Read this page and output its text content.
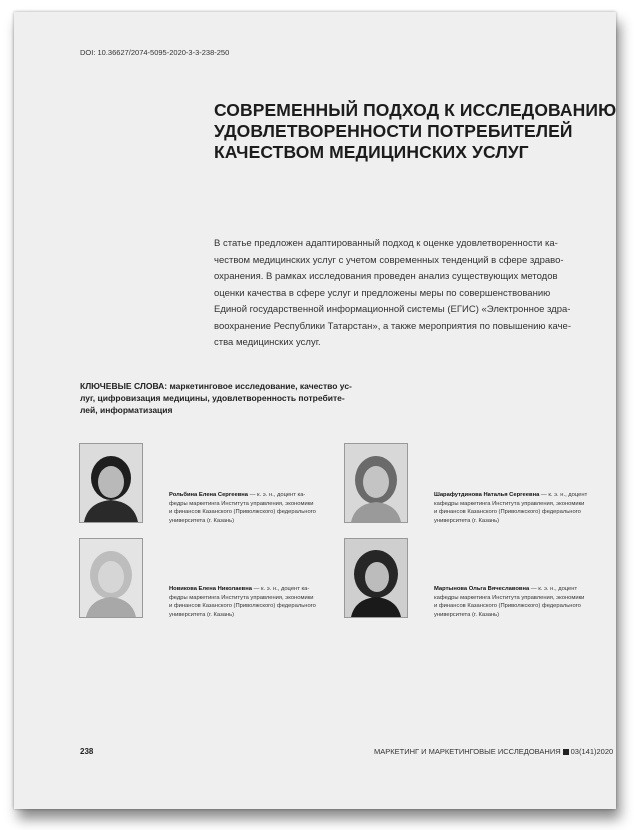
DOI: 10.36627/2074-5095-2020-3-3-238-250
СОВРЕМЕННЫЙ ПОДХОД К ИССЛЕДОВАНИЮ
УДОВЛЕТВОРЕННОСТИ ПОТРЕБИТЕЛЕЙ
КАЧЕСТВОМ МЕДИЦИНСКИХ УСЛУГ
В статье предложен адаптированный подход к оценке удовлетворенности ка-
чеством медицинских услуг с учетом современных тенденций в сфере здраво-
охранения. В рамках исследования проведен анализ существующих методов
оценки качества в сфере услуг и предложены меры по совершенствованию
Единой государственной информационной системы (ЕГИС) «Электронное здра-
воохранение Республики Татарстан», а также мероприятия по повышению каче-
ства медицинских услуг.
КЛЮЧЕВЫЕ СЛОВА: маркетинговое исследование, качество ус-
луг, цифровизация медицины, удовлетворенность потребите-
лей, информатизация
Рольбина Елена Сергеевна — к. э. н., доцент ка-
федры маркетинга Института управления, экономики
и финансов Казанского (Приволжского) федерального
университета (г. Казань)
Шарафутдинова Наталья Сергеевна — к. э. н., доцент
кафедры маркетинга Института управления, экономики
и финансов Казанского (Приволжского) федерального
университета (г. Казань)
Новикова Елена Николаевна — к. э. н., доцент ка-
федры маркетинга Института управления, экономики
и финансов Казанского (Приволжского) федерального
университета (г. Казань)
Мартынова Ольга Вячеславовна — к. э. н., доцент
кафедры маркетинга Института управления, экономики
и финансов Казанского (Приволжского) федерального
университета (г. Казань)
238	МАРКЕТИНГ И МАРКЕТИНГОВЫЕ ИССЛЕДОВАНИЯ 03(141)2020
